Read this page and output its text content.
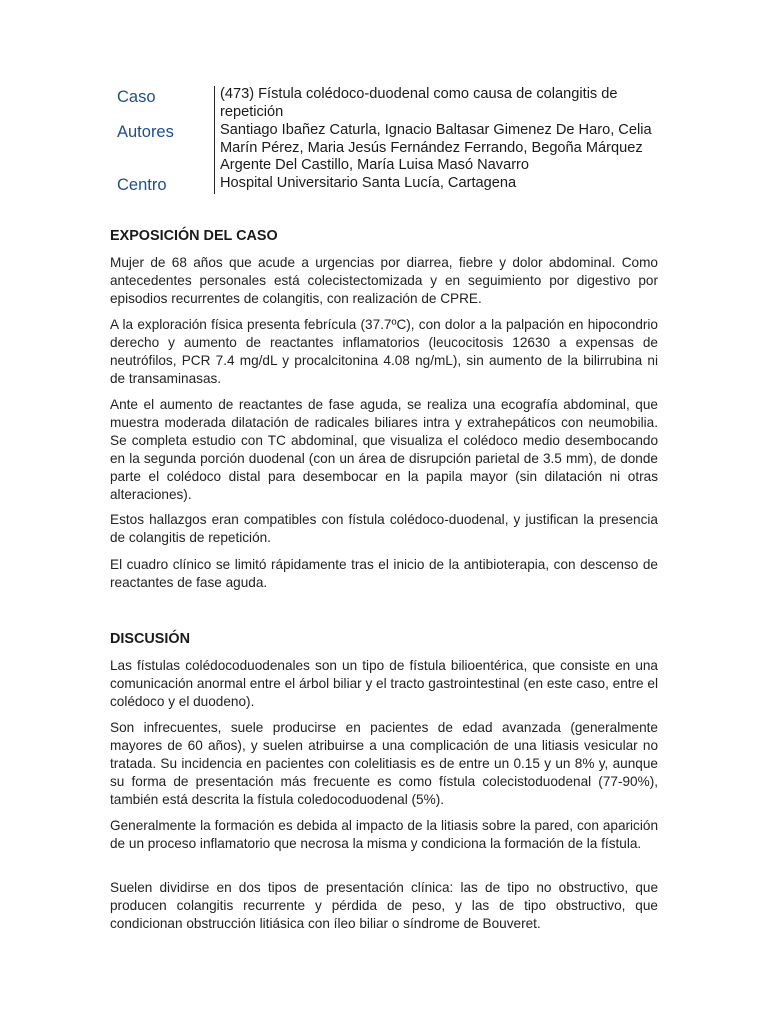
Caso
Autores
Centro
(473) Fístula colédoco-duodenal como causa de colangitis de repetición
Santiago Ibañez Caturla, Ignacio Baltasar Gimenez De Haro, Celia Marín Pérez, Maria Jesús Fernández Ferrando, Begoña Márquez Argente Del Castillo, María Luisa Masó Navarro
Hospital Universitario Santa Lucía, Cartagena
EXPOSICIÓN DEL CASO

Mujer de 68 años que acude a urgencias por diarrea, fiebre y dolor abdominal. Como antecedentes personales está colecistectomizada y en seguimiento por digestivo por episodios recurrentes de colangitis, con realización de CPRE.

A la exploración física presenta febrícula (37.7ºC), con dolor a la palpación en hipocondrio derecho y aumento de reactantes inflamatorios (leucocitosis 12630 a expensas de neutrófilos, PCR 7.4 mg/dL y procalcitonina 4.08 ng/mL), sin aumento de la bilirrubina ni de transaminasas.

Ante el aumento de reactantes de fase aguda, se realiza una ecografía abdominal, que muestra moderada dilatación de radicales biliares intra y extrahepáticos con neumobilia. Se completa estudio con TC abdominal, que visualiza el colédoco medio desembocando en la segunda porción duodenal (con un área de disrupción parietal de 3.5 mm), de donde parte el colédoco distal para desembocar en la papila mayor (sin dilatación ni otras alteraciones).

Estos hallazgos eran compatibles con fístula colédoco-duodenal, y justifican la presencia de colangitis de repetición.

El cuadro clínico se limitó rápidamente tras el inicio de la antibioterapia, con descenso de reactantes de fase aguda.

DISCUSIÓN

Las fístulas colédocoduodenales son un tipo de fístula bilioentérica, que consiste en una comunicación anormal entre el árbol biliar y el tracto gastrointestinal (en este caso, entre el colédoco y el duodeno).

Son infrecuentes, suele producirse en pacientes de edad avanzada (generalmente mayores de 60 años), y suelen atribuirse a una complicación de una litiasis vesicular no tratada. Su incidencia en pacientes con colelitiasis es de entre un 0.15 y un 8% y, aunque su forma de presentación más frecuente es como fístula colecistoduodenal (77-90%), también está descrita la fístula coledocoduodenal (5%).

Generalmente la formación es debida al impacto de la litiasis sobre la pared, con aparición de un proceso inflamatorio que necrosa la misma y condiciona la formación de la fístula.

Suelen dividirse en dos tipos de presentación clínica: las de tipo no obstructivo, que producen colangitis recurrente y pérdida de peso, y las de tipo obstructivo, que condicionan obstrucción litiásica con íleo biliar o síndrome de Bouveret.
